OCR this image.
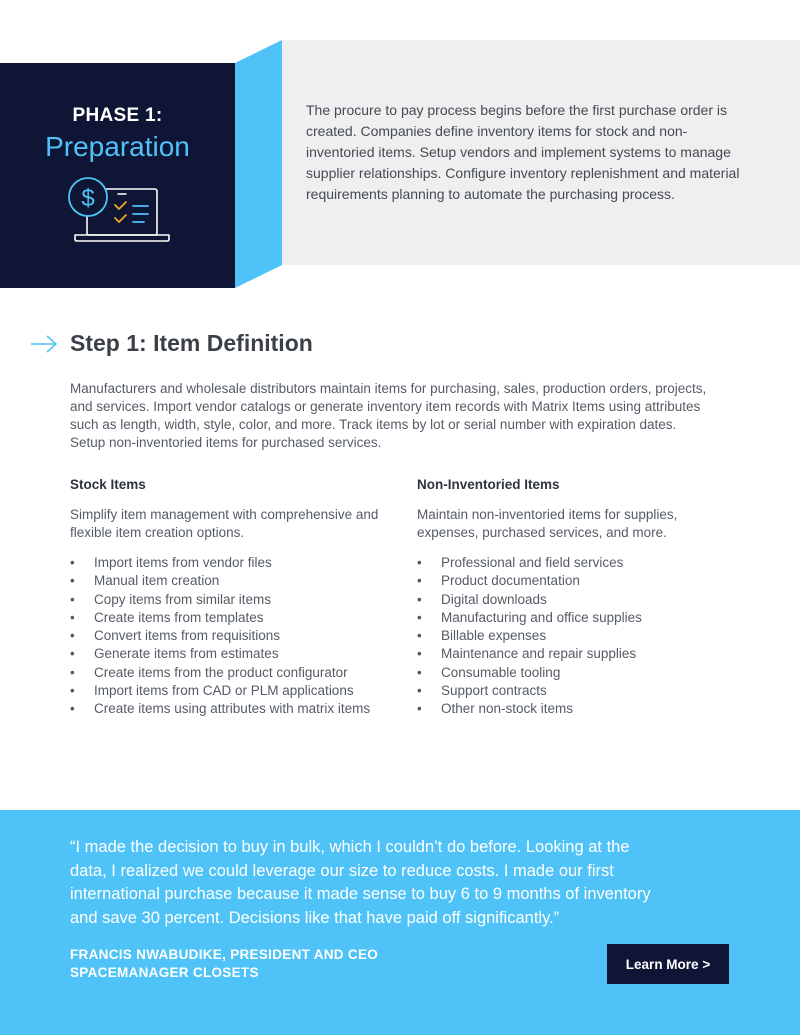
PHASE 1:
Preparation
$
The procure to pay process begins before the first purchase order is created. Companies define inventory items for stock and non-inventoried items. Setup vendors and implement systems to manage supplier relationships. Configure inventory replenishment and material requirements planning to automate the purchasing process.
Step 1: Item Definition
Manufacturers and wholesale distributors maintain items for purchasing, sales, production orders, projects, and services. Import vendor catalogs or generate inventory item records with Matrix Items using attributes such as length, width, style, color, and more. Track items by lot or serial number with expiration dates. Setup non-inventoried items for purchased services.
Stock Items

Simplify item management with comprehensive and flexible item creation options.

• Import items from vendor files
• Manual item creation
• Copy items from similar items
• Create items from templates
• Convert items from requisitions
• Generate items from estimates
• Create items from the product configurator
• Import items from CAD or PLM applications
• Create items using attributes with matrix items
Non-Inventoried Items

Maintain non-inventoried items for supplies, expenses, purchased services, and more.

• Professional and field services
• Product documentation
• Digital downloads
• Manufacturing and office supplies
• Billable expenses
• Maintenance and repair supplies
• Consumable tooling
• Support contracts
• Other non-stock items
“I made the decision to buy in bulk, which I couldn’t do before. Looking at the data, I realized we could leverage our size to reduce costs. I made our first international purchase because it made sense to buy 6 to 9 months of inventory and save 30 percent. Decisions like that have paid off significantly.”
FRANCIS NWABUDIKE, PRESIDENT AND CEO
SPACEMANAGER CLOSETS
Learn More >
